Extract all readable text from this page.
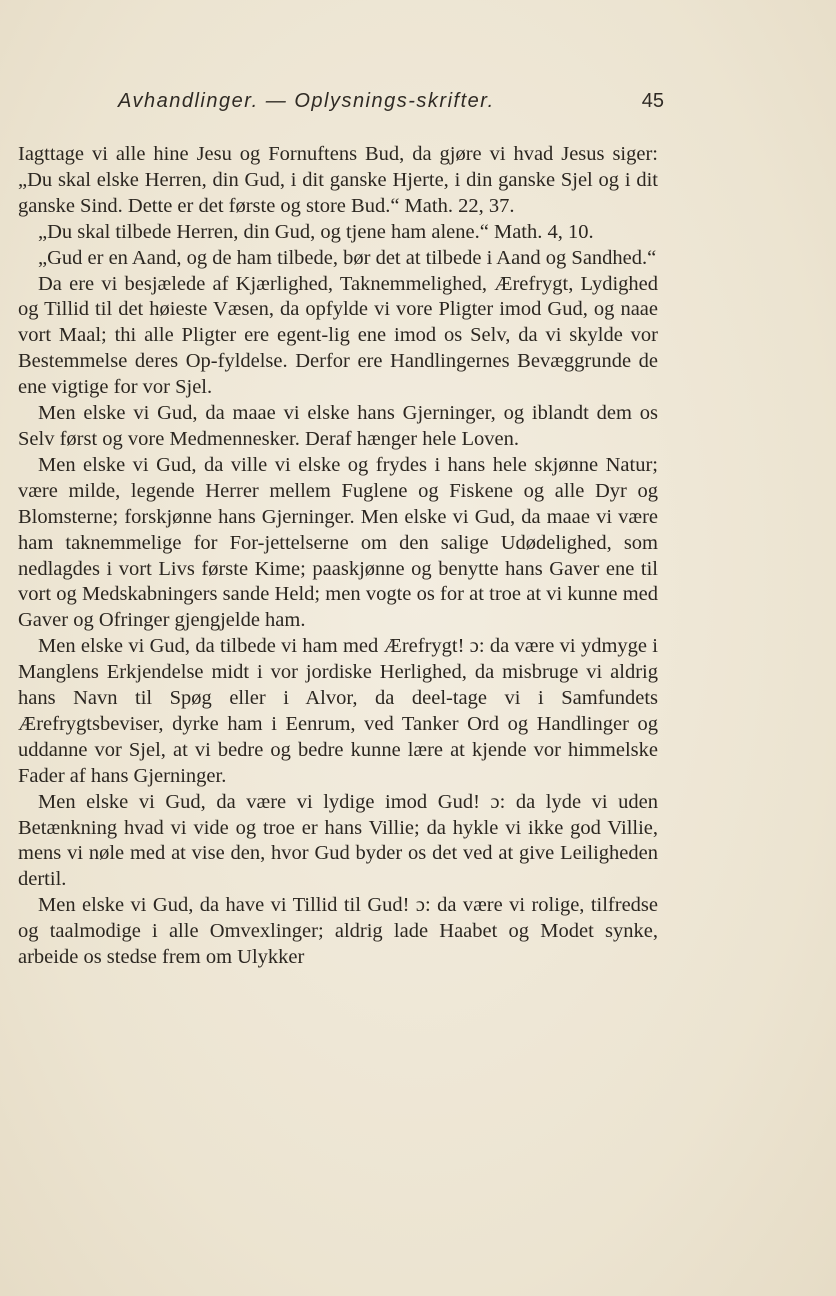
Avhandlinger. — Oplysnings-skrifter.	45

Iagttage vi alle hine Jesu og Fornuftens Bud, da gjøre vi hvad Jesus siger: „Du skal elske Herren, din Gud, i dit ganske Hjerte, i din ganske Sjel og i dit ganske Sind. Dette er det første og store Bud.“ Math. 22, 37.

„Du skal tilbede Herren, din Gud, og tjene ham alene.“ Math. 4, 10.

„Gud er en Aand, og de ham tilbede, bør det at tilbede i Aand og Sandhed.“

Da ere vi besjælede af Kjærlighed, Taknemmelighed, Ærefrygt, Lydighed og Tillid til det høieste Væsen, da opfylde vi vore Pligter imod Gud, og naae vort Maal; thi alle Pligter ere egent-lig ene imod os Selv, da vi skylde vor Bestemmelse deres Op-fyldelse. Derfor ere Handlingernes Bevæggrunde de ene vigtige for vor Sjel.

Men elske vi Gud, da maae vi elske hans Gjerninger, og iblandt dem os Selv først og vore Medmennesker. Deraf hænger hele Loven.

Men elske vi Gud, da ville vi elske og frydes i hans hele skjønne Natur; være milde, legende Herrer mellem Fuglene og Fiskene og alle Dyr og Blomsterne; forskjønne hans Gjerninger. Men elske vi Gud, da maae vi være ham taknemmelige for For-jettelserne om den salige Udødelighed, som nedlagdes i vort Livs første Kime; paaskjønne og benytte hans Gaver ene til vort og Medskabningers sande Held; men vogte os for at troe at vi kunne med Gaver og Ofringer gjengjelde ham.

Men elske vi Gud, da tilbede vi ham med Ærefrygt! ɔ: da være vi ydmyge i Manglens Erkjendelse midt i vor jordiske Herlighed, da misbruge vi aldrig hans Navn til Spøg eller i Alvor, da deel-tage vi i Samfundets Ærefrygtsbeviser, dyrke ham i Eenrum, ved Tanker Ord og Handlinger og uddanne vor Sjel, at vi bedre og bedre kunne lære at kjende vor himmelske Fader af hans Gjerninger.

Men elske vi Gud, da være vi lydige imod Gud! ɔ: da lyde vi uden Betænkning hvad vi vide og troe er hans Villie; da hykle vi ikke god Villie, mens vi nøle med at vise den, hvor Gud byder os det ved at give Leiligheden dertil.

Men elske vi Gud, da have vi Tillid til Gud! ɔ: da være vi rolige, tilfredse og taalmodige i alle Omvexlinger; aldrig lade Haabet og Modet synke, arbeide os stedse frem om Ulykker
